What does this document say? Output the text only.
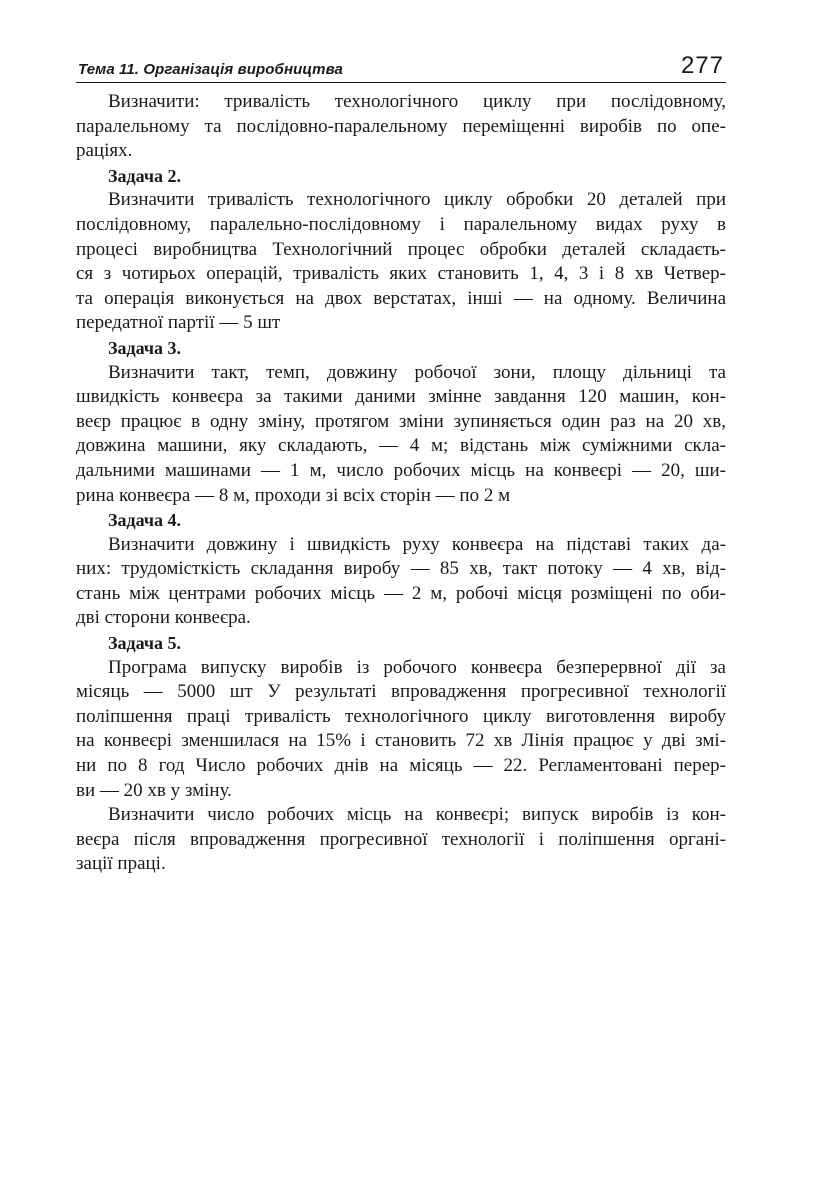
Тема 11. Організація виробництва	277
Визначити: тривалість технологічного циклу при послідовному,
паралельному та послідовно-паралельному переміщенні виробів по опе-
раціях.
Задача 2.
Визначити тривалість технологічного циклу обробки 20 деталей при
послідовному, паралельно-послідовному і паралельному видах руху в
процесі виробництва Технологічний процес обробки деталей складаєть-
ся з чотирьох операцій, тривалість яких становить 1, 4, 3 і 8 хв Четвер-
та операція виконується на двох верстатах, інші — на одному. Величина
передатної партії — 5 шт
Задача 3.
Визначити такт, темп, довжину робочої зони, площу дільниці та
швидкість конвеєра за такими даними змінне завдання 120 машин, кон-
веєр працює в одну зміну, протягом зміни зупиняється один раз на 20 хв,
довжина машини, яку складають, — 4 м; відстань між суміжними скла-
дальними машинами — 1 м, число робочих місць на конвеєрі — 20, ши-
рина конвеєра — 8 м, проходи зі всіх сторін — по 2 м
Задача 4.
Визначити довжину і швидкість руху конвеєра на підставі таких да-
них: трудомісткість складання виробу — 85 хв, такт потоку — 4 хв, від-
стань між центрами робочих місць — 2 м, робочі місця розміщені по оби-
дві сторони конвеєра.
Задача 5.
Програма випуску виробів із робочого конвеєра безперервної дії за
місяць — 5000 шт У результаті впровадження прогресивної технології
поліпшення праці тривалість технологічного циклу виготовлення виробу
на конвеєрі зменшилася на 15% і становить 72 хв Лінія працює у дві змі-
ни по 8 год Число робочих днів на місяць — 22. Регламентовані перер-
ви — 20 хв у зміну.
Визначити число робочих місць на конвеєрі; випуск виробів із кон-
веєра після впровадження прогресивної технології і поліпшення органі-
зації праці.
